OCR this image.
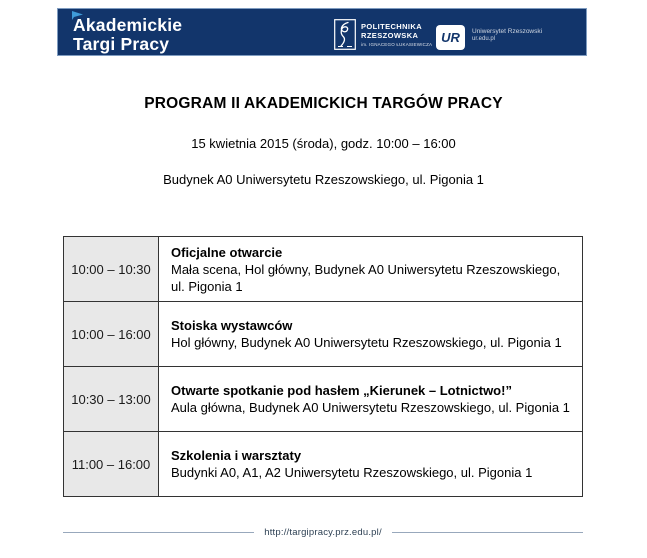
Akademickie
Targi Pracy
POLITECHNIKA
RZESZOWSKA
im. IGNACEGO ŁUKASIEWICZA UR Uniwersytet Rzeszowski
ur.edu.pl
PROGRAM II AKADEMICKICH TARGÓW PRACY

15 kwietnia 2015 (środa), godz. 10:00 – 16:00

Budynek A0 Uniwersytetu Rzeszowskiego, ul. Pigonia 1

10:00 – 10:30	Oficjalne otwarcie
Mała scena, Hol główny, Budynek A0 Uniwersytetu Rzeszowskiego, ul. Pigonia 1

10:00 – 16:00	Stoiska wystawców
Hol główny, Budynek A0 Uniwersytetu Rzeszowskiego, ul. Pigonia 1

10:30 – 13:00	Otwarte spotkanie pod hasłem „Kierunek – Lotnictwo!”
Aula główna, Budynek A0 Uniwersytetu Rzeszowskiego, ul. Pigonia 1

11:00 – 16:00	Szkolenia i warsztaty
Budynki A0, A1, A2 Uniwersytetu Rzeszowskiego, ul. Pigonia 1
http://targipracy.prz.edu.pl/
